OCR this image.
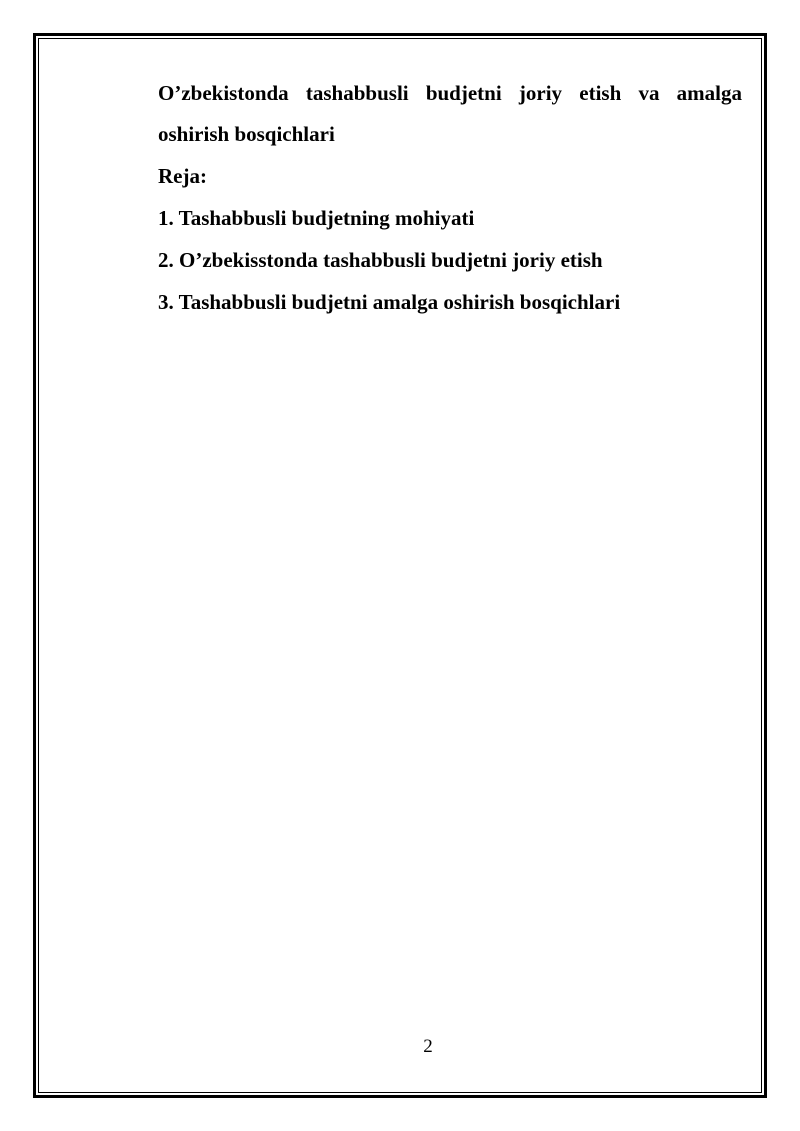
O’zbekistonda tashabbusli budjetni joriy etish va amalga oshirish bosqichlari

Reja:

1. Tashabbusli budjetning mohiyati
2. O’zbekisstonda tashabbusli budjetni joriy etish
3. Tashabbusli budjetni amalga oshirish bosqichlari
2
